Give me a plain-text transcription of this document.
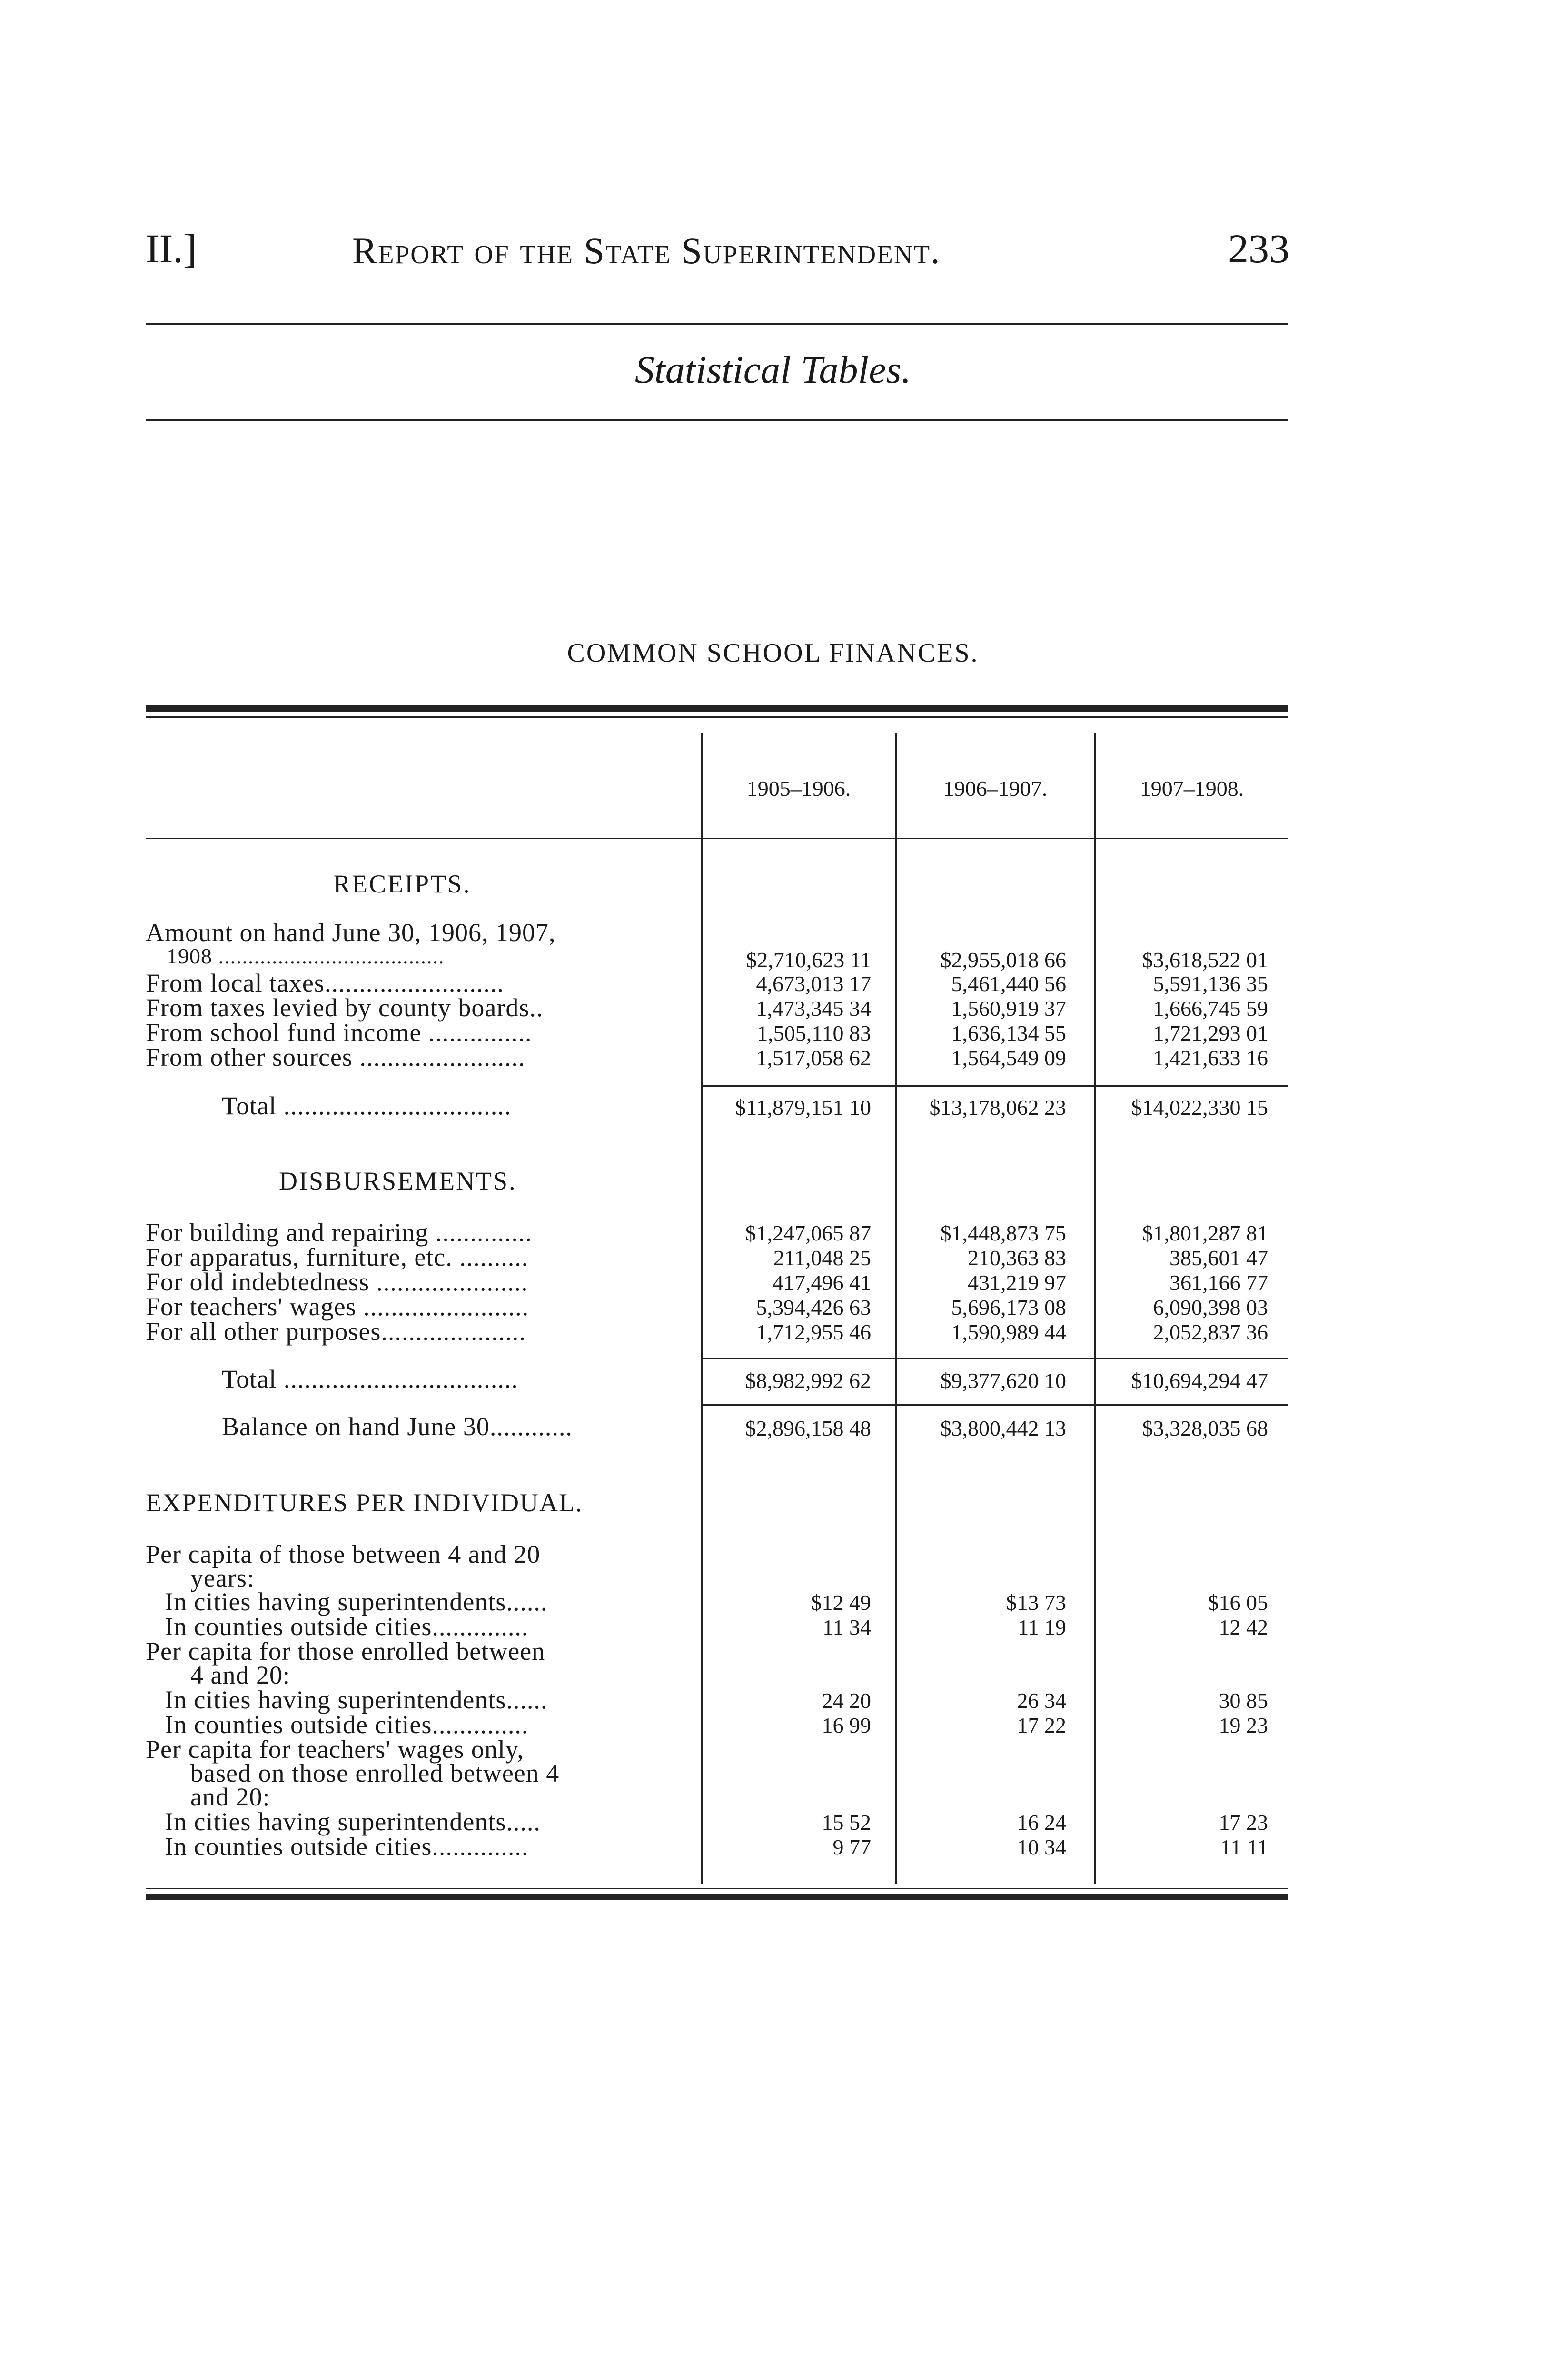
II.]	Report of the State Superintendent.	233
Statistical Tables.
COMMON SCHOOL FINANCES.
1905–1906.	1906–1907.	1907–1908.
RECEIPTS.
Amount on hand June 30, 1906, 1907,
1908 ......................................	$2,710,623 11	$2,955,018 66	$3,618,522 01
From local taxes..........................	4,673,013 17	5,461,440 56	5,591,136 35
From taxes levied by county boards..	1,473,345 34	1,560,919 37	1,666,745 59
From school fund income ...............	1,505,110 83	1,636,134 55	1,721,293 01
From other sources ........................	1,517,058 62	1,564,549 09	1,421,633 16
Total .................................	$11,879,151 10	$13,178,062 23	$14,022,330 15
DISBURSEMENTS.
For building and repairing ..............	$1,247,065 87	$1,448,873 75	$1,801,287 81
For apparatus, furniture, etc. ..........	211,048 25	210,363 83	385,601 47
For old indebtedness ......................	417,496 41	431,219 97	361,166 77
For teachers' wages ........................	5,394,426 63	5,696,173 08	6,090,398 03
For all other purposes.....................	1,712,955 46	1,590,989 44	2,052,837 36
Total ..................................	$8,982,992 62	$9,377,620 10	$10,694,294 47
Balance on hand June 30............	$2,896,158 48	$3,800,442 13	$3,328,035 68
EXPENDITURES PER INDIVIDUAL.
Per capita of those between 4 and 20
years:
In cities having superintendents......	$12 49	$13 73	$16 05
In counties outside cities..............	11 34	11 19	12 42
Per capita for those enrolled between
4 and 20:
In cities having superintendents......	24 20	26 34	30 85
In counties outside cities..............	16 99	17 22	19 23
Per capita for teachers' wages only,
based on those enrolled between 4
and 20:
In cities having superintendents.....	15 52	16 24	17 23
In counties outside cities..............	9 77	10 34	11 11
